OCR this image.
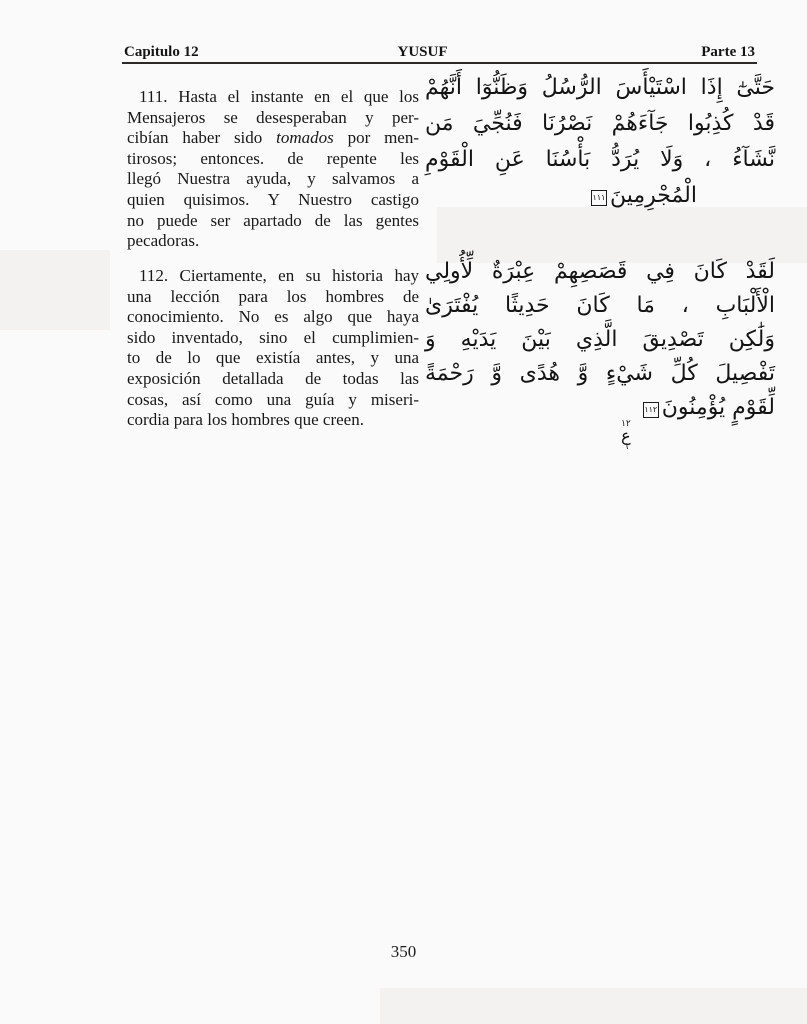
Capitulo 12	YUSUF	Parte 13
111. Hasta el instante en el que los
Mensajeros se desesperaban y per-
cibían haber sido tomados por men-
tirosos; entonces. de repente les
llegó Nuestra ayuda, y salvamos a
quien quisimos. Y Nuestro castigo
no puede ser apartado de las gentes
pecadoras.
112. Ciertamente, en su historia hay
una lección para los hombres de
conocimiento. No es algo que haya
sido inventado, sino el cumplimien-
to de lo que existía antes, y una
exposición detallada de todas las
cosas, así como una guía y miseri-
cordia para los hombres que creen.
حَتَّىٰٓ إِذَا اسْتَيْأَسَ الرُّسُلُ وَظَنُّوٓا أَنَّهُمْ
قَدْ كُذِبُوا جَآءَهُمْ نَصْرُنَا فَنُجِّيَ مَن
نَّشَآءُ ، وَلَا يُرَدُّ بَأْسُنَا عَنِ الْقَوْمِ
الْمُجْرِمِينَ١١١
لَقَدْ كَانَ فِي قَصَصِهِمْ عِبْرَةٌ لِّأُولِي
الْأَلْبَابِ ، مَا كَانَ حَدِيثًا يُفْتَرَىٰ
وَلَٰكِن تَصْدِيقَ الَّذِي بَيْنَ يَدَيْهِ وَ
تَفْصِيلَ كُلِّ شَيْءٍ وَّ هُدًى وَّ رَحْمَةً
لِّقَوْمٍ يُؤْمِنُونَ١١٢
١٢
ع
٦
350
